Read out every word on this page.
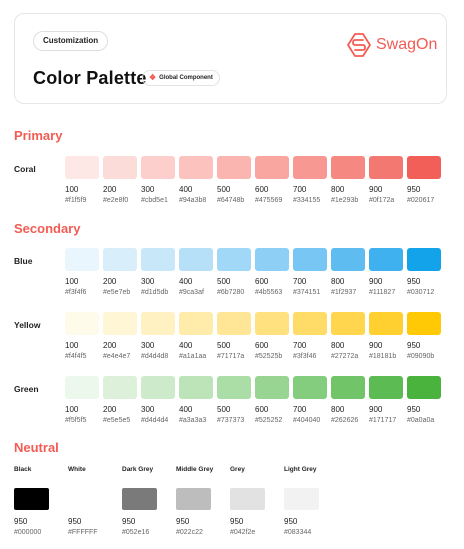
Customization
Color Palette ❖ Global Component
SwagOn
Primary
Secondary
Neutral
Coral
100
#f1f5f9
200
#e2e8f0
300
#cbd5e1
400
#94a3b8
500
#64748b
600
#475569
700
#334155
800
#1e293b
900
#0f172a
950
#020617
Blue
100
#f3f4f6
200
#e5e7eb
300
#d1d5db
400
#9ca3af
500
#6b7280
600
#4b5563
700
#374151
800
#1f2937
900
#111827
950
#030712
Yellow
100
#f4f4f5
200
#e4e4e7
300
#d4d4d8
400
#a1a1aa
500
#71717a
600
#52525b
700
#3f3f46
800
#27272a
900
#18181b
950
#09090b
Green
100
#f5f5f5
200
#e5e5e5
300
#d4d4d4
400
#a3a3a3
500
#737373
600
#525252
700
#404040
800
#262626
900
#171717
950
#0a0a0a
Black
950
#000000
White
950
#FFFFFF
Dark Grey
950
#052e16
Middle Grey
950
#022c22
Grey
950
#042f2e
Light Grey
950
#083344
